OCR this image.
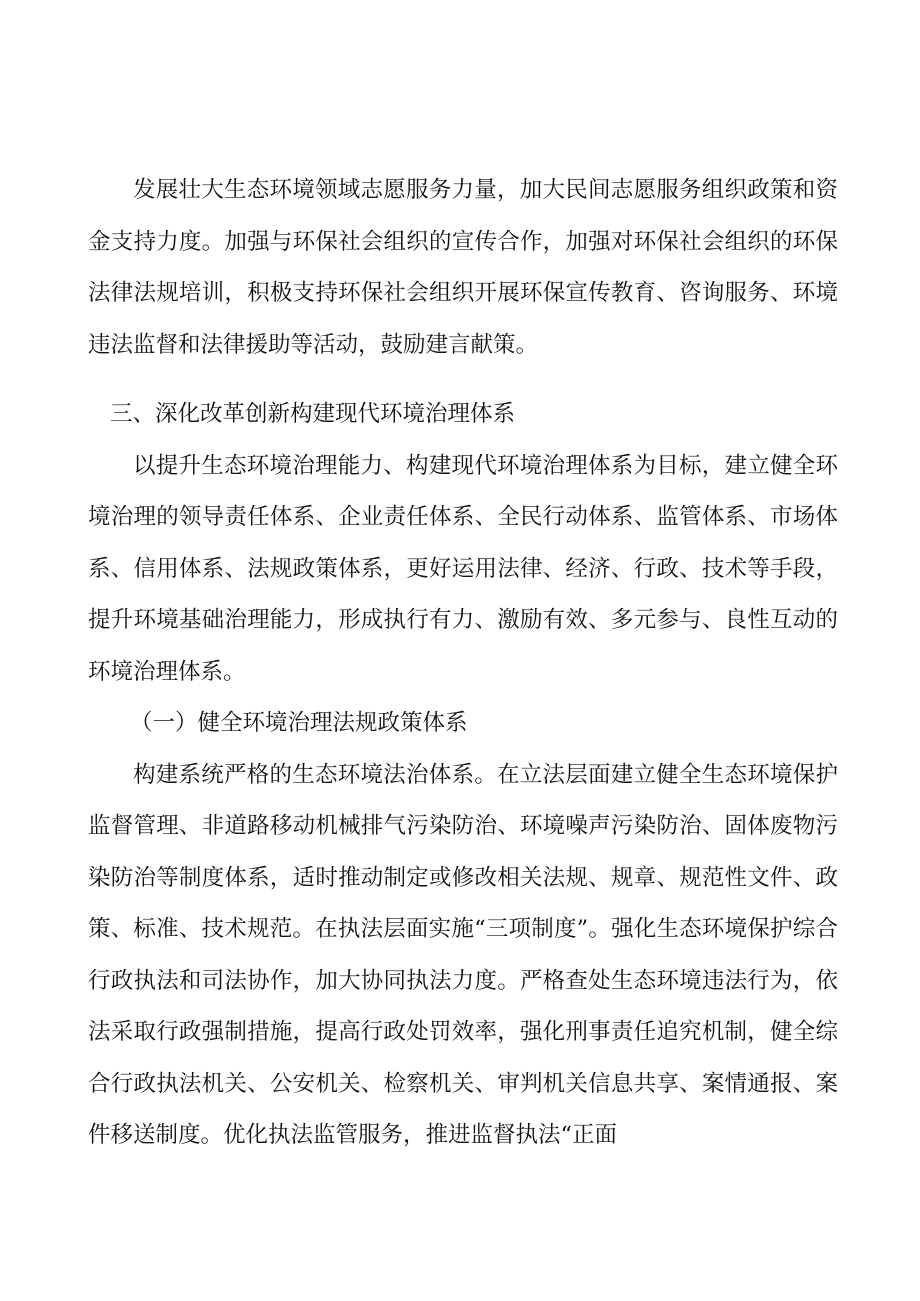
发展壮大生态环境领域志愿服务力量，加大民间志愿服务组织政策和资金支持力度。加强与环保社会组织的宣传合作，加强对环保社会组织的环保法律法规培训，积极支持环保社会组织开展环保宣传教育、咨询服务、环境违法监督和法律援助等活动，鼓励建言献策。

三、深化改革创新构建现代环境治理体系

以提升生态环境治理能力、构建现代环境治理体系为目标，建立健全环境治理的领导责任体系、企业责任体系、全民行动体系、监管体系、市场体系、信用体系、法规政策体系，更好运用法律、经济、行政、技术等手段，提升环境基础治理能力，形成执行有力、激励有效、多元参与、良性互动的环境治理体系。

（一）健全环境治理法规政策体系

构建系统严格的生态环境法治体系。在立法层面建立健全生态环境保护监督管理、非道路移动机械排气污染防治、环境噪声污染防治、固体废物污染防治等制度体系，适时推动制定或修改相关法规、规章、规范性文件、政策、标准、技术规范。在执法层面实施“三项制度”。强化生态环境保护综合行政执法和司法协作，加大协同执法力度。严格查处生态环境违法行为，依法采取行政强制措施，提高行政处罚效率，强化刑事责任追究机制，健全综合行政执法机关、公安机关、检察机关、审判机关信息共享、案情通报、案件移送制度。优化执法监管服务，推进监督执法“正面
